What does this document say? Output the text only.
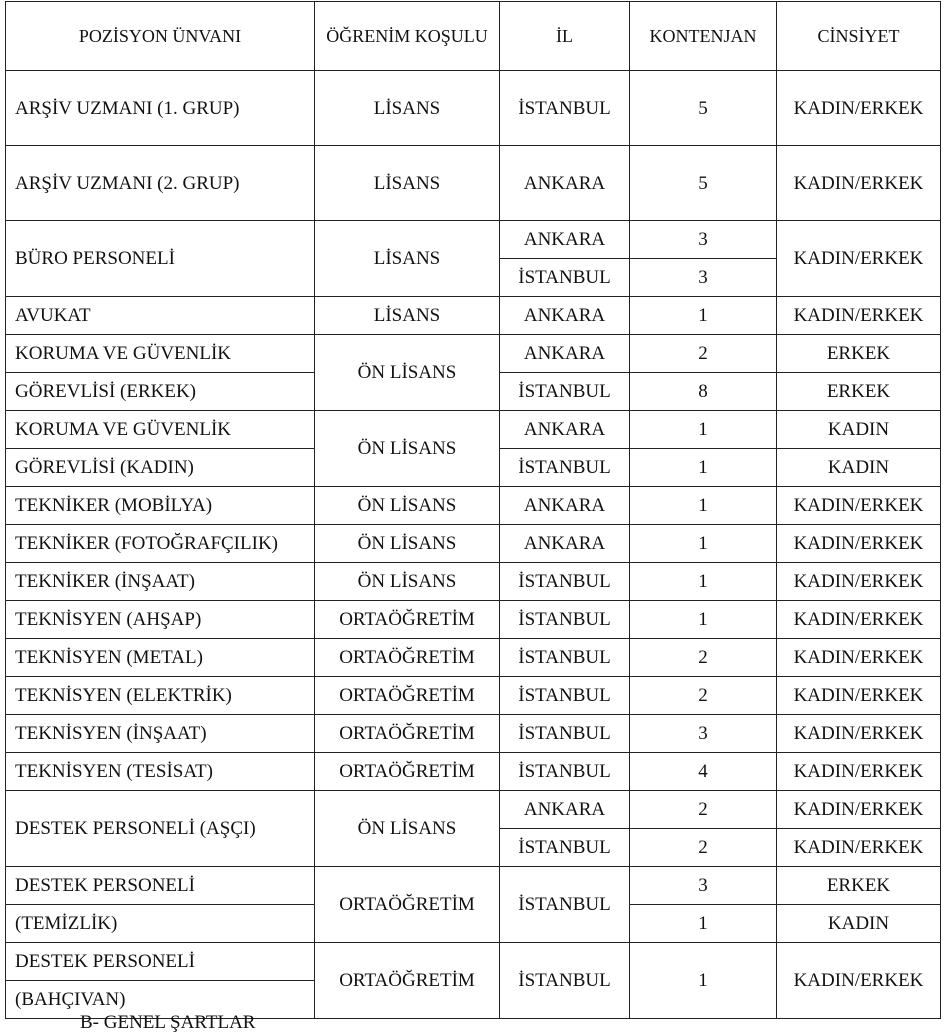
POZİSYON ÜNVANI	ÖĞRENİM KOŞULU	İL	KONTENJAN	CİNSİYET
ARŞİV UZMANI (1. GRUP)	LİSANS	İSTANBUL	5	KADIN/ERKEK
ARŞİV UZMANI (2. GRUP)	LİSANS	ANKARA	5	KADIN/ERKEK
BÜRO PERSONELİ	LİSANS	ANKARA	3	KADIN/ERKEK
		İSTANBUL	3	
AVUKAT	LİSANS	ANKARA	1	KADIN/ERKEK
KORUMA VE GÜVENLİK	ÖN LİSANS	ANKARA	2	ERKEK
GÖREVLİSİ (ERKEK)		İSTANBUL	8	ERKEK
KORUMA VE GÜVENLİK	ÖN LİSANS	ANKARA	1	KADIN
GÖREVLİSİ (KADIN)		İSTANBUL	1	KADIN
TEKNİKER (MOBİLYA)	ÖN LİSANS	ANKARA	1	KADIN/ERKEK
TEKNİKER (FOTOĞRAFÇILIK)	ÖN LİSANS	ANKARA	1	KADIN/ERKEK
TEKNİKER (İNŞAAT)	ÖN LİSANS	İSTANBUL	1	KADIN/ERKEK
TEKNİSYEN (AHŞAP)	ORTAÖĞRETİM	İSTANBUL	1	KADIN/ERKEK
TEKNİSYEN (METAL)	ORTAÖĞRETİM	İSTANBUL	2	KADIN/ERKEK
TEKNİSYEN (ELEKTRİK)	ORTAÖĞRETİM	İSTANBUL	2	KADIN/ERKEK
TEKNİSYEN (İNŞAAT)	ORTAÖĞRETİM	İSTANBUL	3	KADIN/ERKEK
TEKNİSYEN (TESİSAT)	ORTAÖĞRETİM	İSTANBUL	4	KADIN/ERKEK
DESTEK PERSONELİ (AŞÇI)	ÖN LİSANS	ANKARA	2	KADIN/ERKEK
		İSTANBUL	2	KADIN/ERKEK
DESTEK PERSONELİ	ORTAÖĞRETİM	İSTANBUL	3	ERKEK
(TEMİZLİK)			1	KADIN
DESTEK PERSONELİ	ORTAÖĞRETİM	İSTANBUL	1	KADIN/ERKEK
(BAHÇIVAN)				
B- GENEL ŞARTLAR
